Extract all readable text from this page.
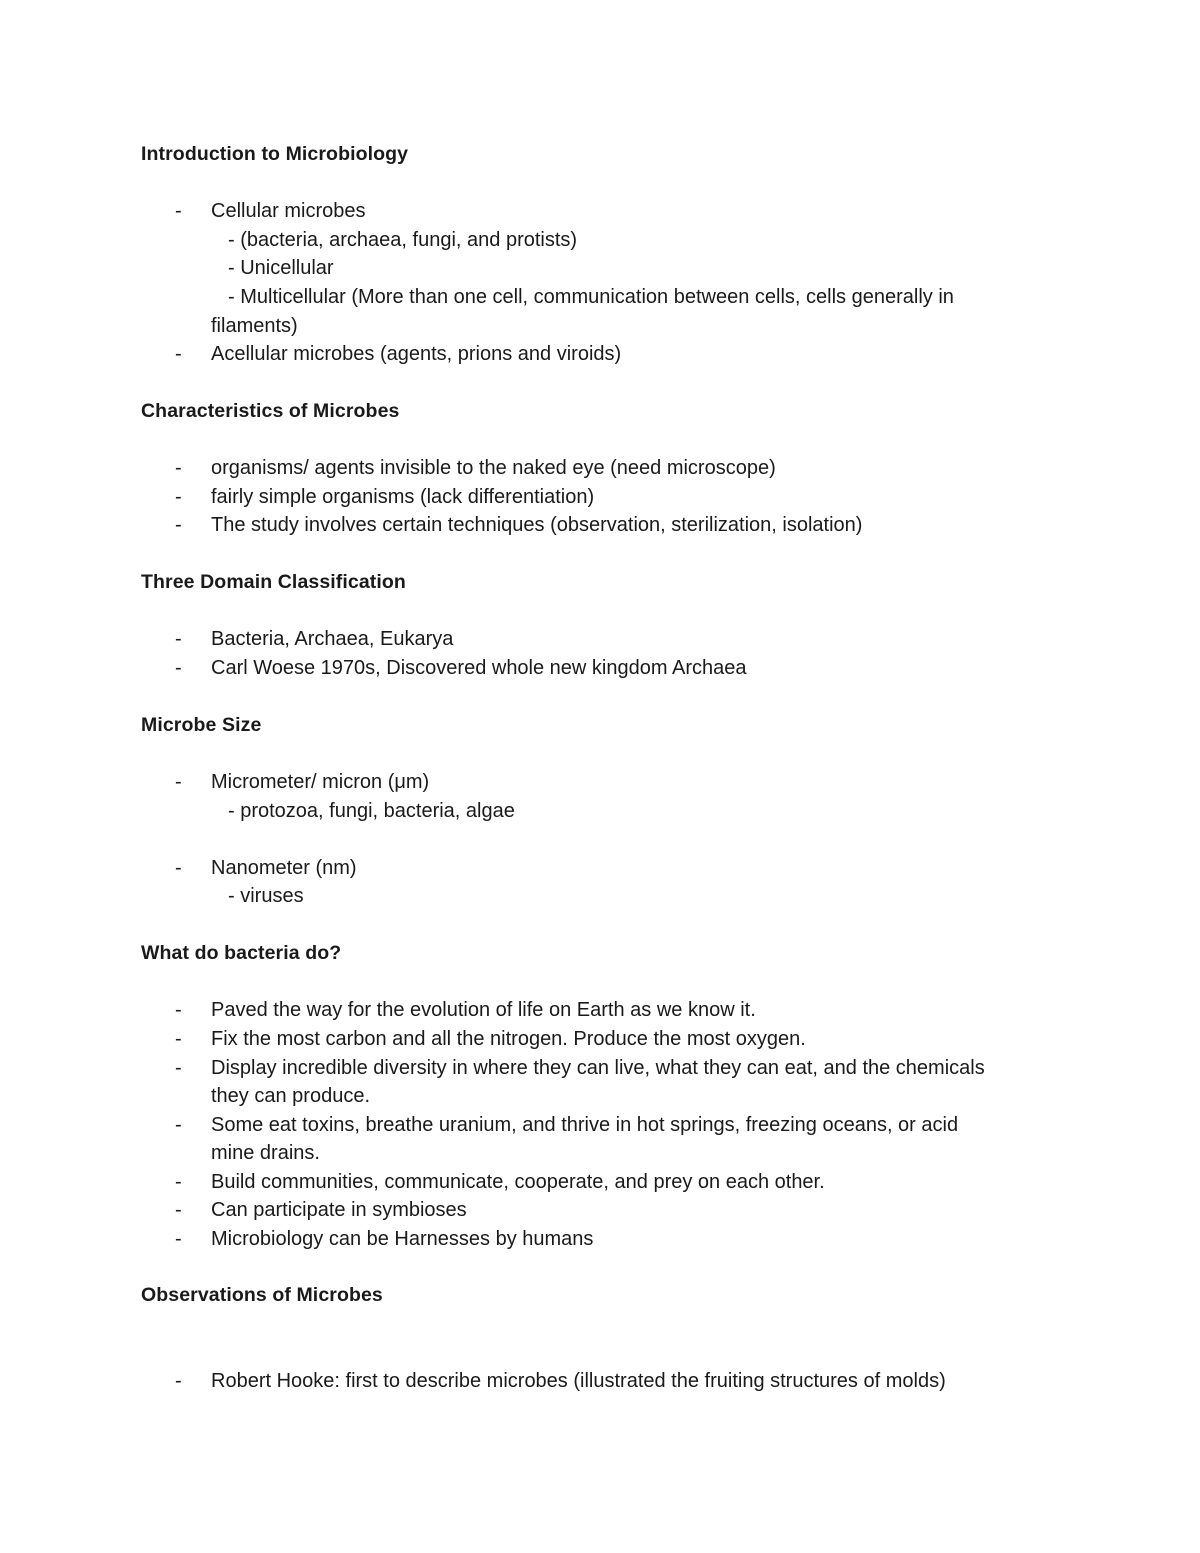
Introduction to Microbiology
- Cellular microbes
- (bacteria, archaea, fungi, and protists)
- Unicellular
- Multicellular (More than one cell, communication between cells, cells generally in
filaments)
- Acellular microbes (agents, prions and viroids)
Characteristics of Microbes
- organisms/ agents invisible to the naked eye (need microscope)
- fairly simple organisms (lack differentiation)
- The study involves certain techniques (observation, sterilization, isolation)
Three Domain Classification
- Bacteria, Archaea, Eukarya
- Carl Woese 1970s, Discovered whole new kingdom Archaea
Microbe Size
- Micrometer/ micron (μm)
- protozoa, fungi, bacteria, algae
- Nanometer (nm)
- viruses
What do bacteria do?
- Paved the way for the evolution of life on Earth as we know it.
- Fix the most carbon and all the nitrogen. Produce the most oxygen.
- Display incredible diversity in where they can live, what they can eat, and the chemicals
they can produce.
- Some eat toxins, breathe uranium, and thrive in hot springs, freezing oceans, or acid
mine drains.
- Build communities, communicate, cooperate, and prey on each other.
- Can participate in symbioses
- Microbiology can be Harnesses by humans
Observations of Microbes
- Robert Hooke: first to describe microbes (illustrated the fruiting structures of molds)
